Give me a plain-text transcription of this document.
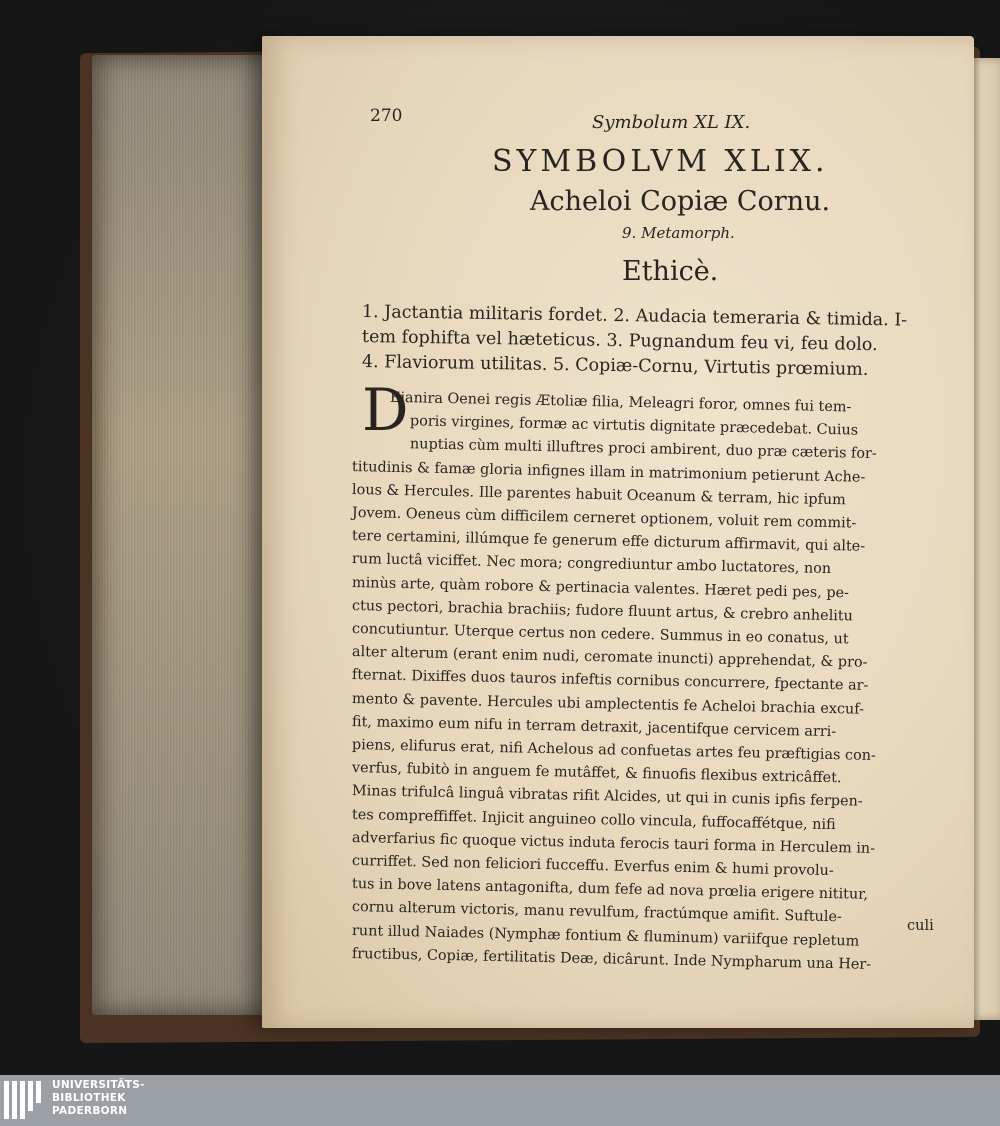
270	Symbolum XL IX.
SYMBOLVM XLIX.
Acheloi Copiæ Cornu.
9. Metamorph.
Ethicè.
1. Jactantia militaris fordet. 2. Audacia temeraria & timida. I-
tem fophifta vel hæteticus. 3. Pugnandum feu vi, feu dolo.
4. Flaviorum utilitas. 5. Copiæ-Cornu, Virtutis prœmium.
D
Ejanira Oenei regis Ætoliæ filia, Meleagri foror, omnes fui tem-
poris virgines, formæ ac virtutis dignitate præcedebat. Cuius
nuptias cùm multi illuftres proci ambirent, duo præ cæteris for-
titudinis & famæ gloria infignes illam in matrimonium petierunt Ache-
lous & Hercules. Ille parentes habuit Oceanum & terram, hic ipfum
Jovem. Oeneus cùm difficilem cerneret optionem, voluit rem commit-
tere certamini, illúmque fe generum effe dicturum affirmavit, qui alte-
rum luctâ viciffet. Nec mora; congrediuntur ambo luctatores, non
minùs arte, quàm robore & pertinacia valentes. Hæret pedi pes, pe-
ctus pectori, brachia brachiis; fudore fluunt artus, & crebro anhelitu
concutiuntur. Uterque certus non cedere. Summus in eo conatus, ut
alter alterum (erant enim nudi, ceromate inuncti) apprehendat, & pro-
fternat. Dixiffes duos tauros infeftis cornibus concurrere, fpectante ar-
mento & pavente. Hercules ubi amplectentis fe Acheloi brachia excuf-
fit, maximo eum nifu in terram detraxit, jacentifque cervicem arri-
piens, elifurus erat, nifi Achelous ad confuetas artes feu præftigias con-
verfus, fubitò in anguem fe mutâffet, & finuofis flexibus extricâffet.
Minas trifulcâ linguâ vibratas rifit Alcides, ut qui in cunis ipfis ferpen-
tes compreffiffet. Injicit anguineo collo vincula, fuffocaffétque, nifi
adverfarius fic quoque victus induta ferocis tauri forma in Herculem in-
curriffet. Sed non feliciori fucceffu. Everfus enim & humi provolu-
tus in bove latens antagonifta, dum fefe ad nova prœlia erigere nititur,
cornu alterum victoris, manu revulfum, fractúmque amifit. Suftule-
runt illud Naiades (Nymphæ fontium & fluminum) variifque repletum
fructibus, Copiæ, fertilitatis Deæ, dicârunt. Inde Nympharum una Her-
culi
UNIVERSITÄTS-
BIBLIOTHEK
PADERBORN
